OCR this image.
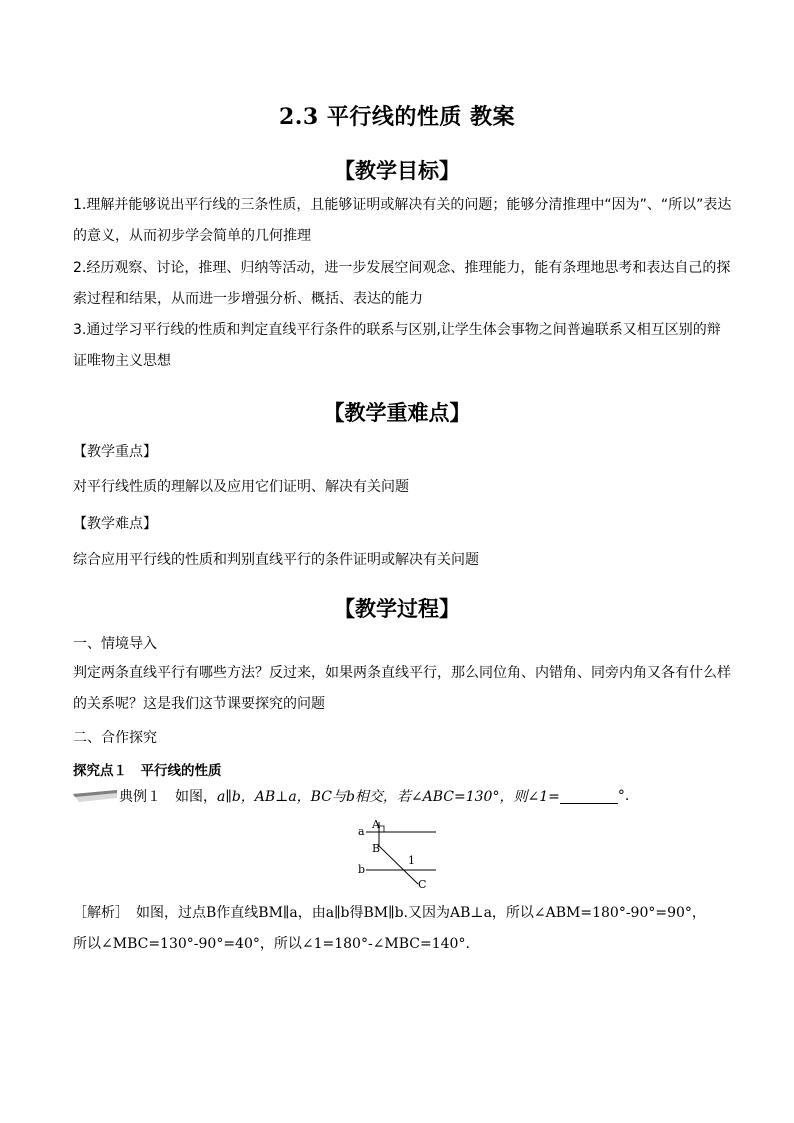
2.3 平行线的性质 教案
【教学目标】

1.理解并能够说出平行线的三条性质，且能够证明或解决有关的问题；能够分清推理中“因为”、“所以”表达的意义，从而初步学会简单的几何推理

2.经历观察、讨论，推理、归纳等活动，进一步发展空间观念、推理能力，能有条理地思考和表达自己的探索过程和结果，从而进一步增强分析、概括、表达的能力

3.通过学习平行线的性质和判定直线平行条件的联系与区别,让学生体会事物之间普遍联系又相互区别的辩证唯物主义思想

【教学重难点】
【教学重点】
对平行线性质的理解以及应用它们证明、解决有关问题
【教学难点】
综合应用平行线的性质和判别直线平行的条件证明或解决有关问题
【教学过程】
一、情境导入

判定两条直线平行有哪些方法？反过来，如果两条直线平行，那么同位角、内错角、同旁内角又各有什么样的关系呢？这是我们这节课要探究的问题

二、合作探究
探究点１　平行线的性质
典例１ 　如图， a∥b，AB⊥a，BC与b相交，若∠ABC=130°，则∠1=	°.
a
b
A
B
C
1

［解析］　如图，过点B作直线BM∥a，由a∥b得BM∥b.又因为AB⊥a，所以∠ABM=180°-90°=90°，

所以∠MBC=130°-90°=40°，所以∠1=180°-∠MBC=140°.
